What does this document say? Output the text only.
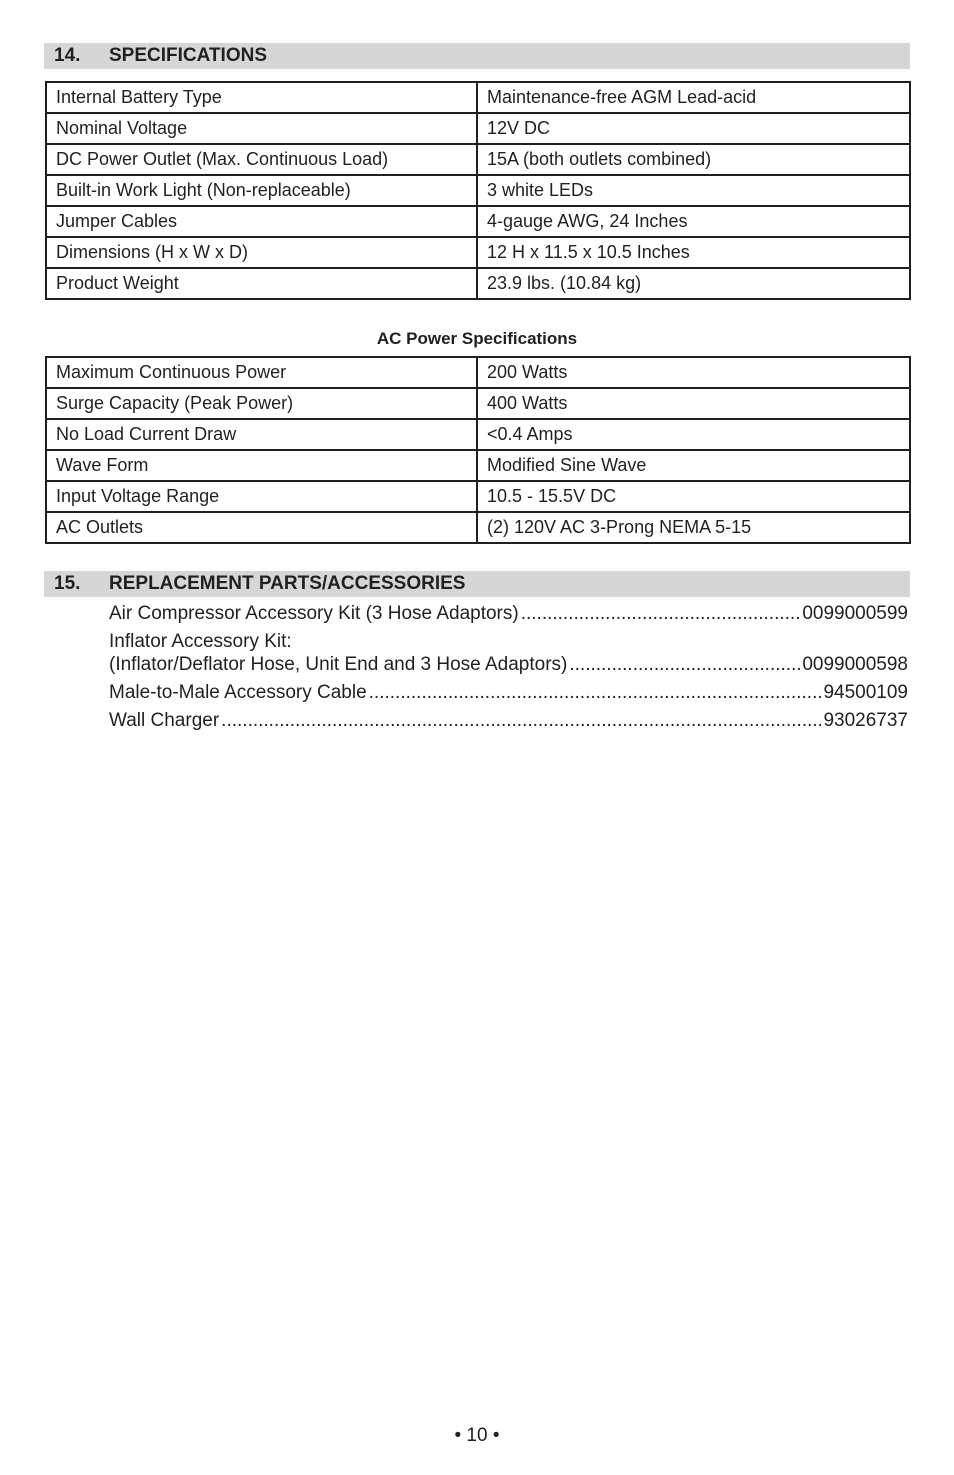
14. SPECIFICATIONS
Internal Battery Type	Maintenance-free AGM Lead-acid
Nominal Voltage	12V DC
DC Power Outlet (Max. Continuous Load)	15A (both outlets combined)
Built-in Work Light (Non-replaceable)	3 white LEDs
Jumper Cables	4-gauge AWG, 24 Inches
Dimensions (H x W x D)	12 H x 11.5 x 10.5 Inches
Product Weight	23.9 lbs. (10.84 kg)
AC Power Specifications
Maximum Continuous Power	200 Watts
Surge Capacity (Peak Power)	400 Watts
No Load Current Draw	<0.4 Amps
Wave Form	Modified Sine Wave
Input Voltage Range	10.5 - 15.5V DC
AC Outlets	(2) 120V AC 3-Prong NEMA 5-15
15. REPLACEMENT PARTS/ACCESSORIES
Air Compressor Accessory Kit (3 Hose Adaptors) .....	0099000599
Inflator Accessory Kit:
(Inflator/Deflator Hose, Unit End and 3 Hose Adaptors) .....	0099000598
Male-to-Male Accessory Cable .....	94500109
Wall Charger .....	93026737
• 10 •
